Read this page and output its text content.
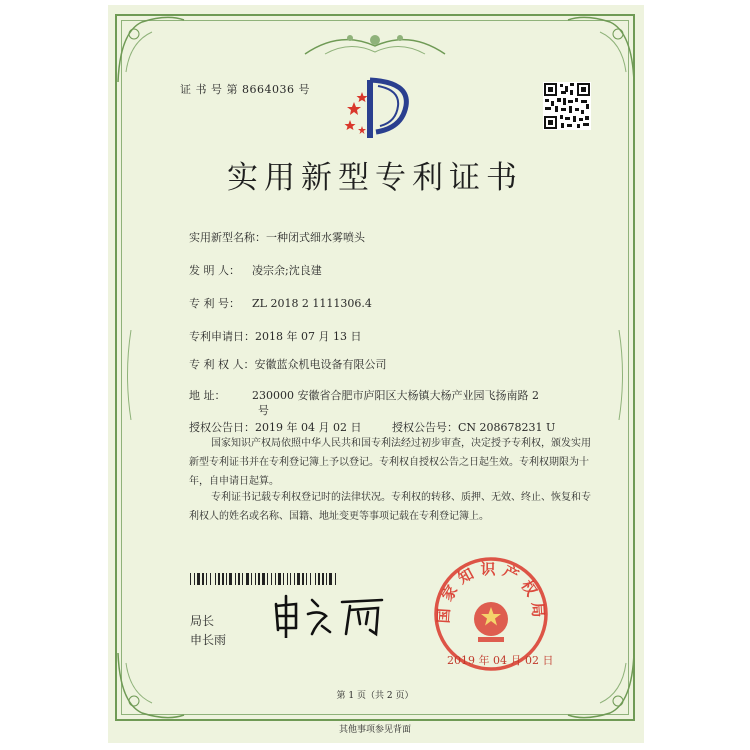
证 书 号 第 8664036 号
实用新型专利证书
实用新型名称：一种闭式细水雾喷头
发 明 人： 凌宗余;沈良建
专 利 号： ZL 2018 2 1111306.4
专利申请日：2018 年 07 月 13 日
专 利 权 人：安徽蓝众机电设备有限公司
地 址： 230000 安徽省合肥市庐阳区大杨镇大杨产业园飞扬南路 2
号
授权公告日：2019 年 04 月 02 日	授权公告号：CN 208678231 U
国家知识产权局依照中华人民共和国专利法经过初步审查，决定授予专利权，颁发实用新型专利证书并在专利登记簿上予以登记。专利权自授权公告之日起生效。专利权期限为十年，自申请日起算。
专利证书记载专利权登记时的法律状况。专利权的转移、质押、无效、终止、恢复和专利权人的姓名或名称、国籍、地址变更等事项记载在专利登记簿上。
局长
申长雨
国家知识产权局
2019 年 04 月 02 日
第 1 页（共 2 页）
其他事项参见背面
